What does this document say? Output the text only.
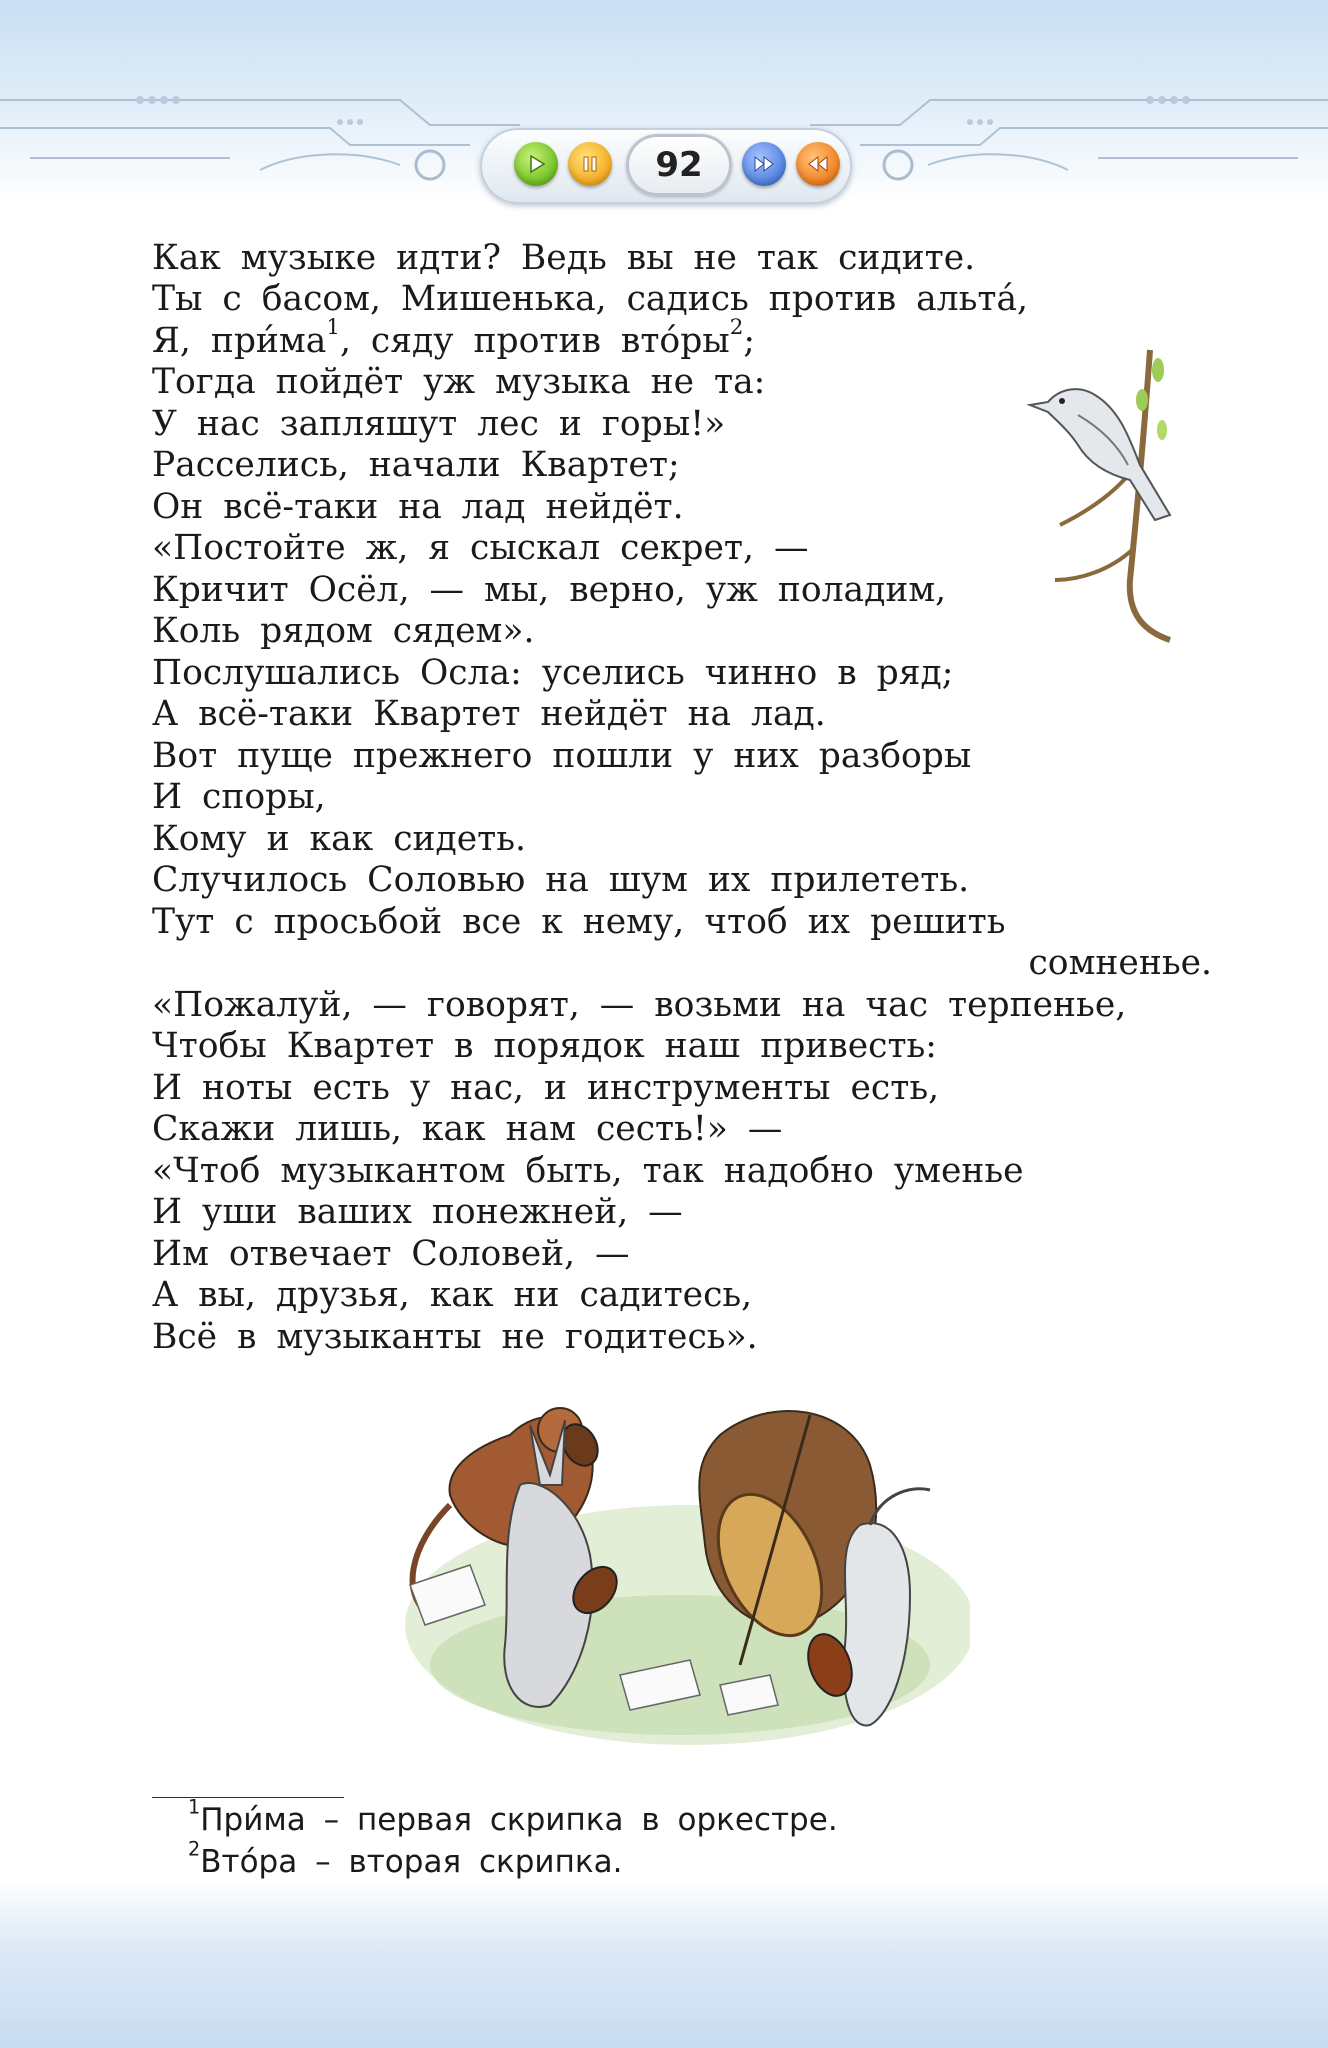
92
Как музыке идти? Ведь вы не так сидите.
Ты с басом, Мишенька, садись против альта́,
Я, прима$^1$, сяду против вторы$^2$;
Тогда пойдёт уж музыка не та:
У нас запляшут лес и горы!»
Расселись, начали Квартет;
Он всё-таки на лад нейдёт.
«Постойте ж, я сыскал секрет, —
Кричит Осёл, — мы, верно, уж поладим,
Коль рядом сядем».
Послушались Осла: уселись чинно в ряд;
А всё-таки Квартет нейдёт на лад.
Вот пуще прежнего пошли у них разборы
И споры,
Кому и как сидеть.
Случилось Соловью на шум их прилететь.
Тут с просьбой все к нему, чтоб их решить
сомненье.
«Пожалуй, — говорят, — возьми на час терпенье,
Чтобы Квартет в порядок наш привесть:
И ноты есть у нас, и инструменты есть,
Скажи лишь, как нам сесть!» —
«Чтоб музыкантом быть, так надобно уменье
И уши ваших понежней, —
Им отвечает Соловей, —
А вы, друзья, как ни садитесь,
Всё в музыканты не годитесь».
$^1$Прима – первая скрипка в оркестре.
$^2$Втора – вторая скрипка.
